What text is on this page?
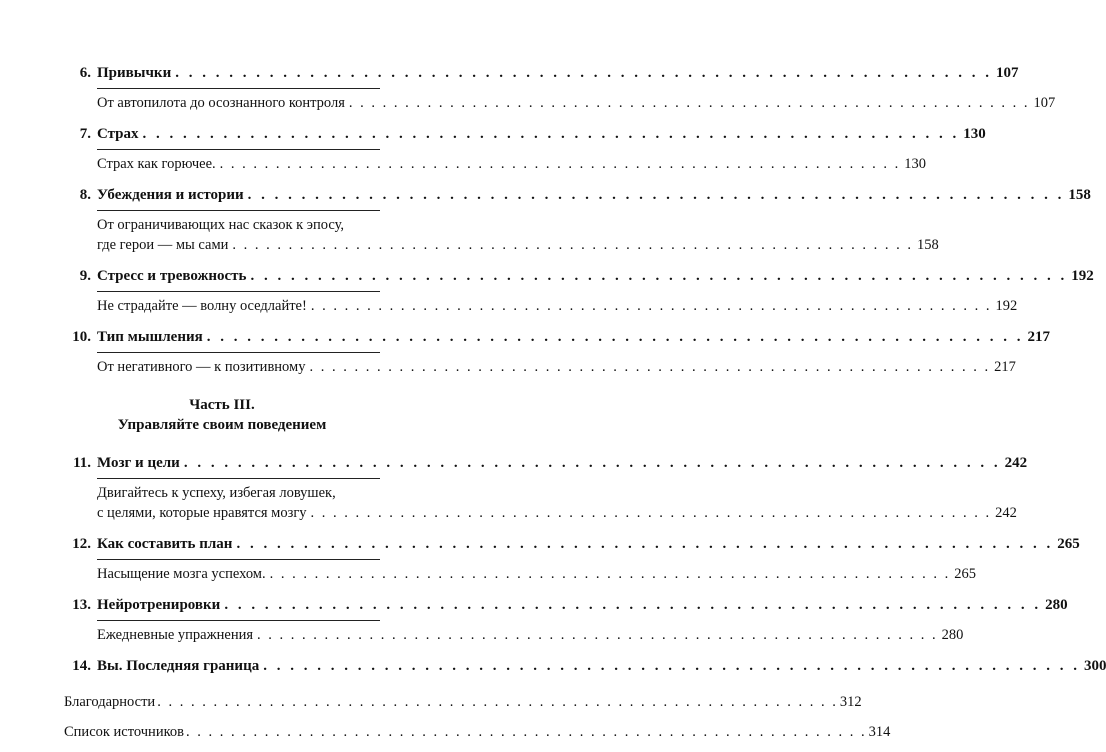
6. Привычки . . . . . . . . . . . . . . . . . . . . . . . . . . . . . . . . . . . . . . . . . . . . . . . . . . . . . . . . . . . . . 107
От автопилота до осознанного контроля . . . . . . . . . . . . . . . . . . . . . . . . . . . . . . . . . . . . . . . . . . . . . . . . . . . . . . . . . . . . . 107
7. Страх . . . . . . . . . . . . . . . . . . . . . . . . . . . . . . . . . . . . . . . . . . . . . . . . . . . . . . . . . . . . . 130
Страх как горючее. . . . . . . . . . . . . . . . . . . . . . . . . . . . . . . . . . . . . . . . . . . . . . . . . . . . . . . . . . . . . . 130
8. Убеждения и истории . . . . . . . . . . . . . . . . . . . . . . . . . . . . . . . . . . . . . . . . . . . . . . . . . . . . . . . . . . . . . 158
От ограничивающих нас сказок к эпосу,
где герои — мы сами . . . . . . . . . . . . . . . . . . . . . . . . . . . . . . . . . . . . . . . . . . . . . . . . . . . . . . . . . . . . . 158
9. Стресс и тревожность . . . . . . . . . . . . . . . . . . . . . . . . . . . . . . . . . . . . . . . . . . . . . . . . . . . . . . . . . . . . . 192
Не страдайте — волну оседлайте! . . . . . . . . . . . . . . . . . . . . . . . . . . . . . . . . . . . . . . . . . . . . . . . . . . . . . . . . . . . . . 192
10. Тип мышления . . . . . . . . . . . . . . . . . . . . . . . . . . . . . . . . . . . . . . . . . . . . . . . . . . . . . . . . . . . . . 217
От негативного — к позитивному . . . . . . . . . . . . . . . . . . . . . . . . . . . . . . . . . . . . . . . . . . . . . . . . . . . . . . . . . . . . . 217
Часть III.
Управляйте своим поведением
11. Мозг и цели . . . . . . . . . . . . . . . . . . . . . . . . . . . . . . . . . . . . . . . . . . . . . . . . . . . . . . . . . . . . . 242
Двигайтесь к успеху, избегая ловушек,
с целями, которые нравятся мозгу . . . . . . . . . . . . . . . . . . . . . . . . . . . . . . . . . . . . . . . . . . . . . . . . . . . . . . . . . . . . . 242
12. Как составить план . . . . . . . . . . . . . . . . . . . . . . . . . . . . . . . . . . . . . . . . . . . . . . . . . . . . . . . . . . . . . 265
Насыщение мозга успехом. . . . . . . . . . . . . . . . . . . . . . . . . . . . . . . . . . . . . . . . . . . . . . . . . . . . . . . . . . . . . . 265
13. Нейротренировки . . . . . . . . . . . . . . . . . . . . . . . . . . . . . . . . . . . . . . . . . . . . . . . . . . . . . . . . . . . . . 280
Ежедневные упражнения . . . . . . . . . . . . . . . . . . . . . . . . . . . . . . . . . . . . . . . . . . . . . . . . . . . . . . . . . . . . . 280
14. Вы. Последняя граница . . . . . . . . . . . . . . . . . . . . . . . . . . . . . . . . . . . . . . . . . . . . . . . . . . . . . . . . . . . . . 300
Благодарности . . . . . . . . . . . . . . . . . . . . . . . . . . . . . . . . . . . . . . . . . . . . . . . . . . . . . . . . . . . . . 312
Список источников . . . . . . . . . . . . . . . . . . . . . . . . . . . . . . . . . . . . . . . . . . . . . . . . . . . . . . . . . . . . . 314
